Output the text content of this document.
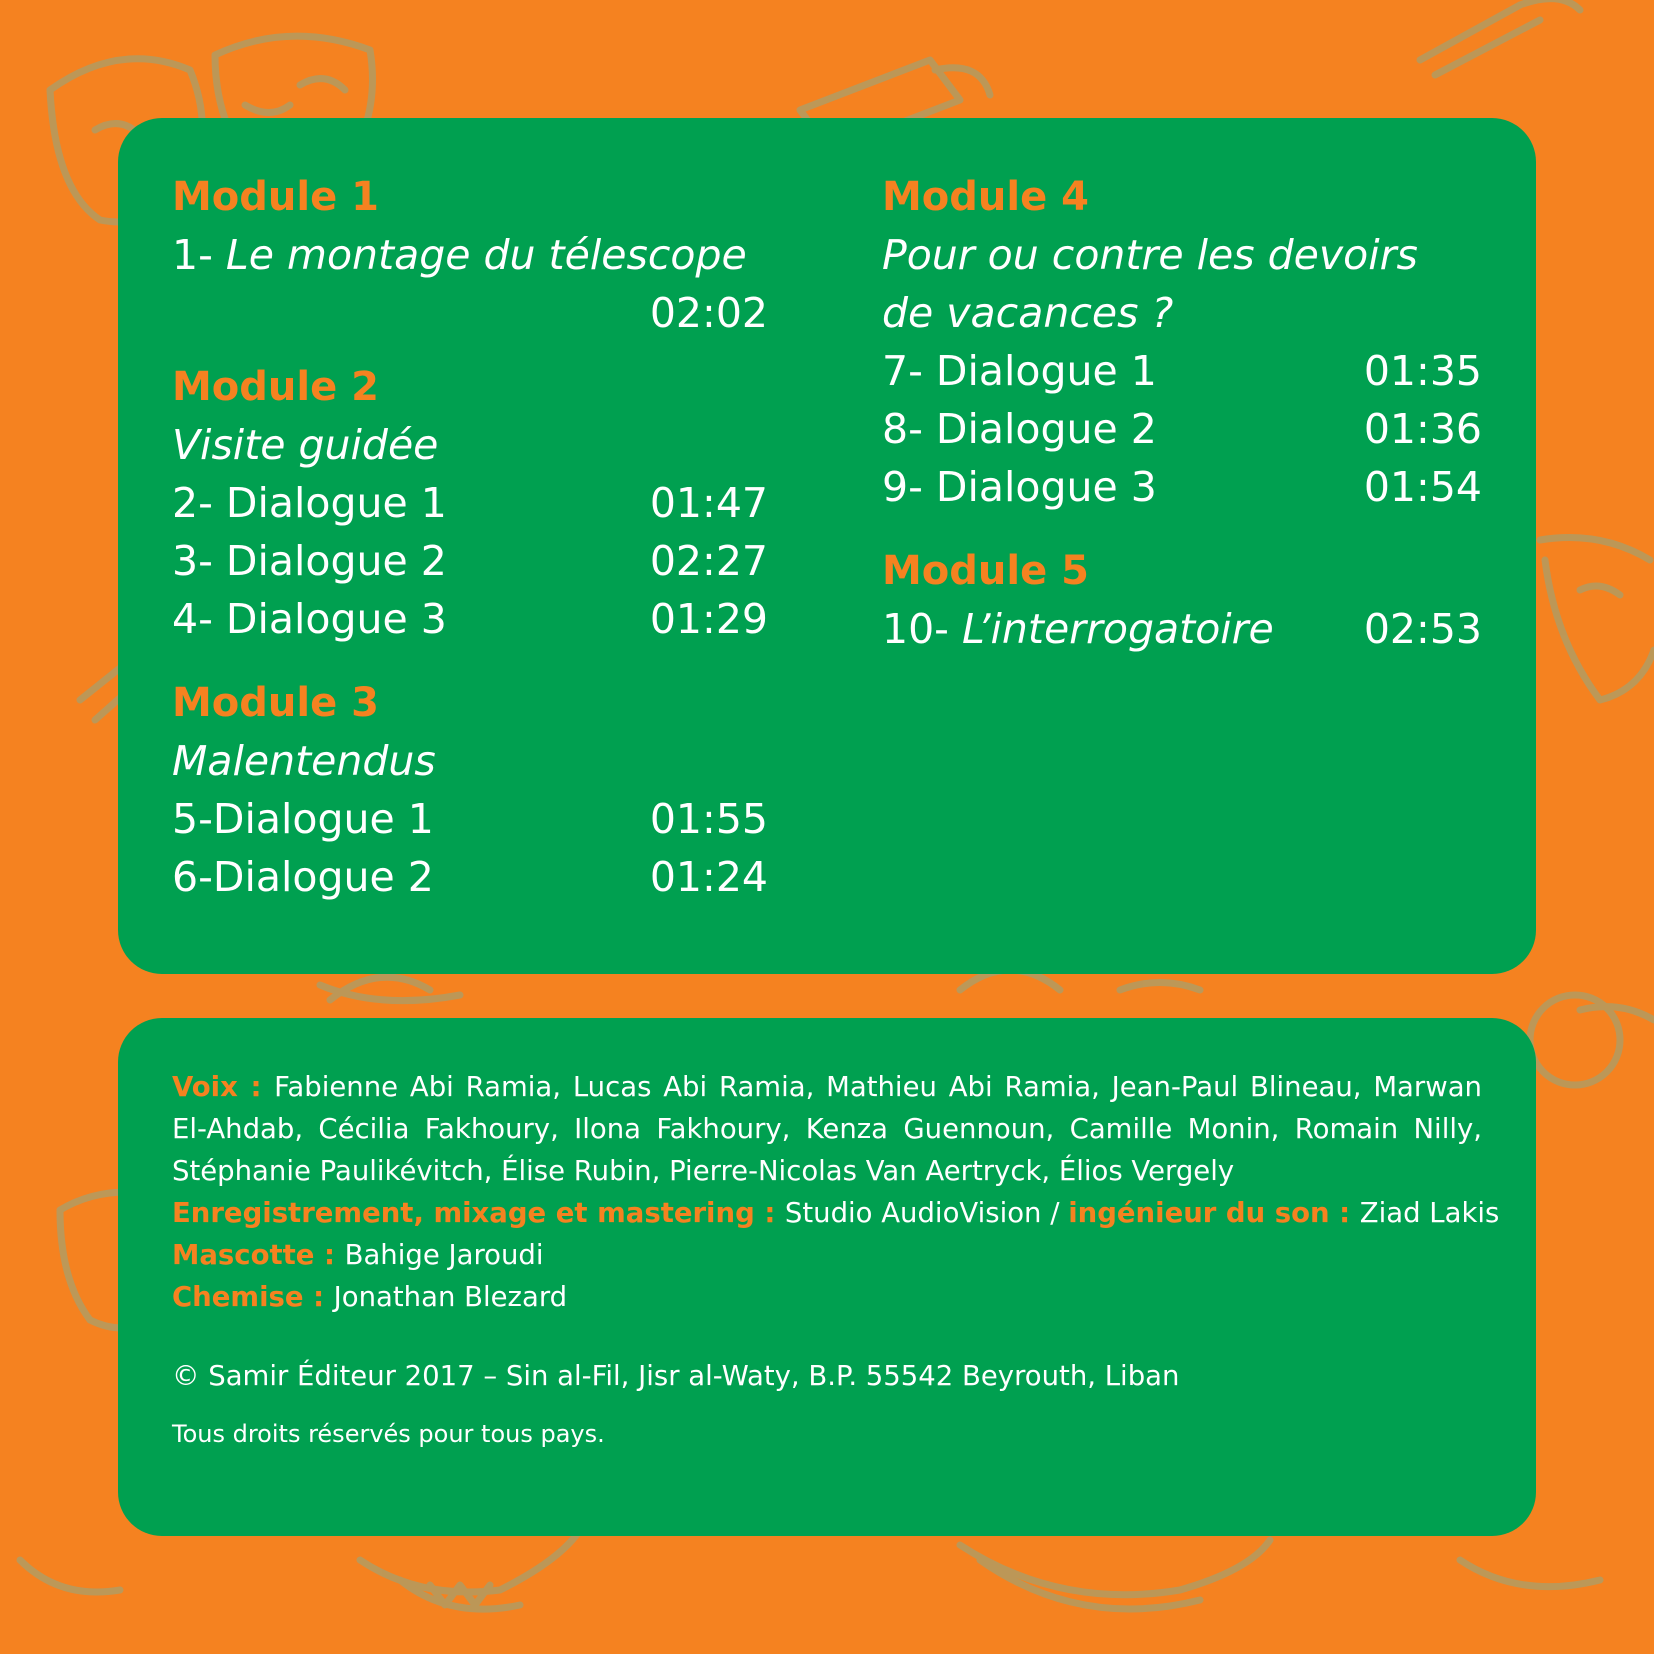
Module 1
1- Le montage du télescope
02:02
Module 2
Visite guidée
2- Dialogue 1	01:47
3- Dialogue 2	02:27
4- Dialogue 3	01:29
Module 3
Malentendus
5-Dialogue 1	01:55
6-Dialogue 2	01:24
Module 4
Pour ou contre les devoirs de vacances ?
7- Dialogue 1	01:35
8- Dialogue 2	01:36
9- Dialogue 3	01:54
Module 5
10- L’interrogatoire 02:53
Voix : Fabienne Abi Ramia, Lucas Abi Ramia, Mathieu Abi Ramia, Jean-Paul Blineau, Marwan El-Ahdab, Cécilia Fakhoury, Ilona Fakhoury, Kenza Guennoun, Camille Monin, Romain Nilly, Stéphanie Paulikévitch, Élise Rubin, Pierre-Nicolas Van Aertryck, Élios Vergely
Enregistrement, mixage et mastering : Studio AudioVision / ingénieur du son : Ziad Lakis
Mascotte : Bahige Jaroudi
Chemise : Jonathan Blezard
© Samir Éditeur 2017 – Sin al-Fil, Jisr al-Waty, B.P. 55542 Beyrouth, Liban
Tous droits réservés pour tous pays.
